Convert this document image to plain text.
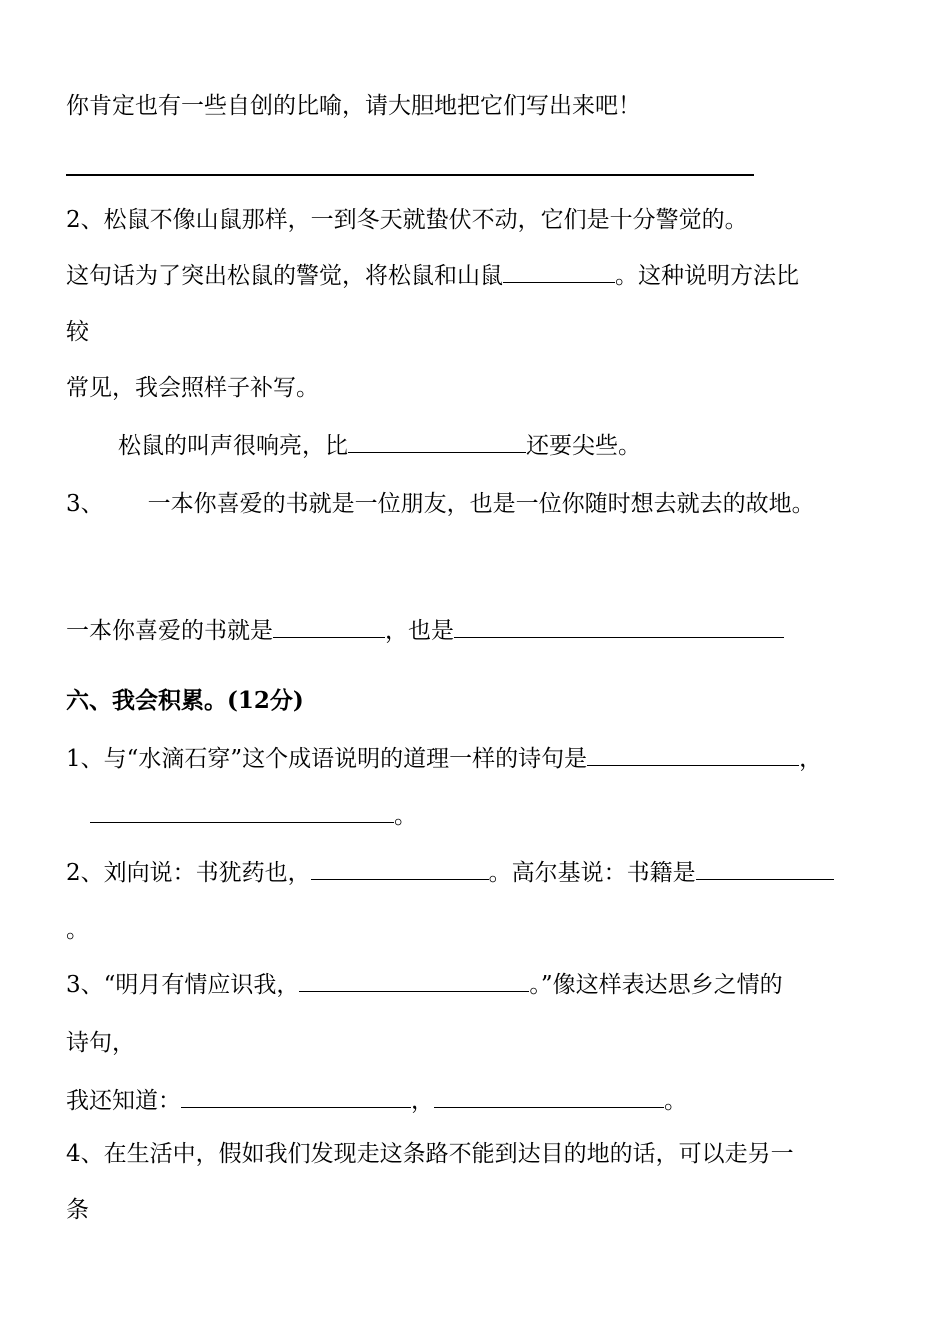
你肯定也有一些自创的比喻，请大胆地把它们写出来吧！
2、松鼠不像山鼠那样，一到冬天就蛰伏不动，它们是十分警觉的。
这句话为了突出松鼠的警觉，将松鼠和山鼠	。这种说明方法比
较
常见，我会照样子补写。
松鼠的叫声很响亮，比	还要尖些。
3、 一本你喜爱的书就是一位朋友，也是一位你随时想去就去的故地。
一本你喜爱的书就是	，也是
六、我会积累。(12分)
1、与“水滴石穿”这个成语说明的道理一样的诗句是	，
。
2、刘向说：书犹药也，	。高尔基说：书籍是
。
3、“明月有情应识我，	。”像这样表达思乡之情的
诗句，
我还知道：	，	。
4、在生活中，假如我们发现走这条路不能到达目的地的话，可以走另一
条
